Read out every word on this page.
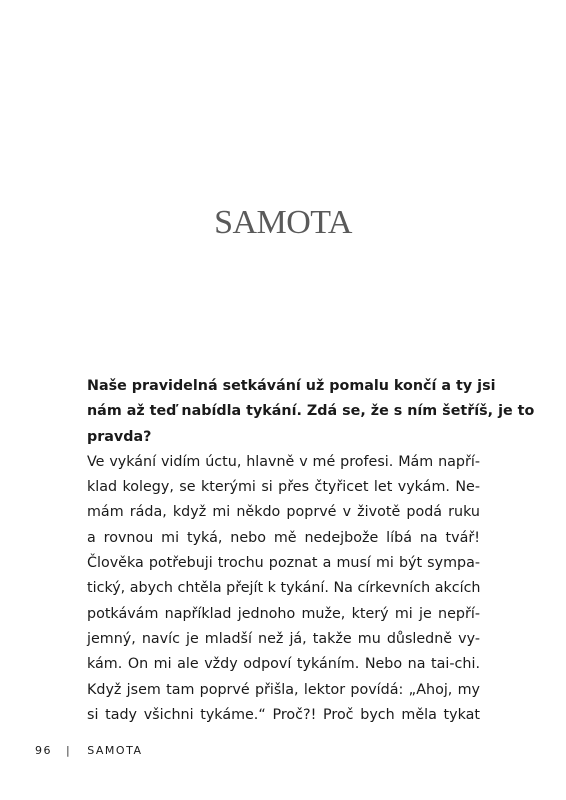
SAMOTA

Naše pravidelná setkávání už pomalu končí a ty jsi
nám až teď nabídla tykání. Zdá se, že s ním šetříš, je to
pravda?

Ve vykání vidím úctu, hlavně v mé profesi. Mám napří-
klad kolegy, se kterými si přes čtyřicet let vykám. Ne-
mám ráda, když mi někdo poprvé v životě podá ruku
a rovnou mi tyká, nebo mě nedejbože líbá na tvář!
Člověka potřebuji trochu poznat a musí mi být sympa-
tický, abych chtěla přejít k tykání. Na církevních akcích
potkávám například jednoho muže, který mi je nepří-
jemný, navíc je mladší než já, takže mu důsledně vy-
kám. On mi ale vždy odpoví tykáním. Nebo na tai-chi.
Když jsem tam poprvé přišla, lektor povídá: „Ahoj, my
si tady všichni tykáme.“ Proč?! Proč bych měla tykat

96 | SAMOTA
